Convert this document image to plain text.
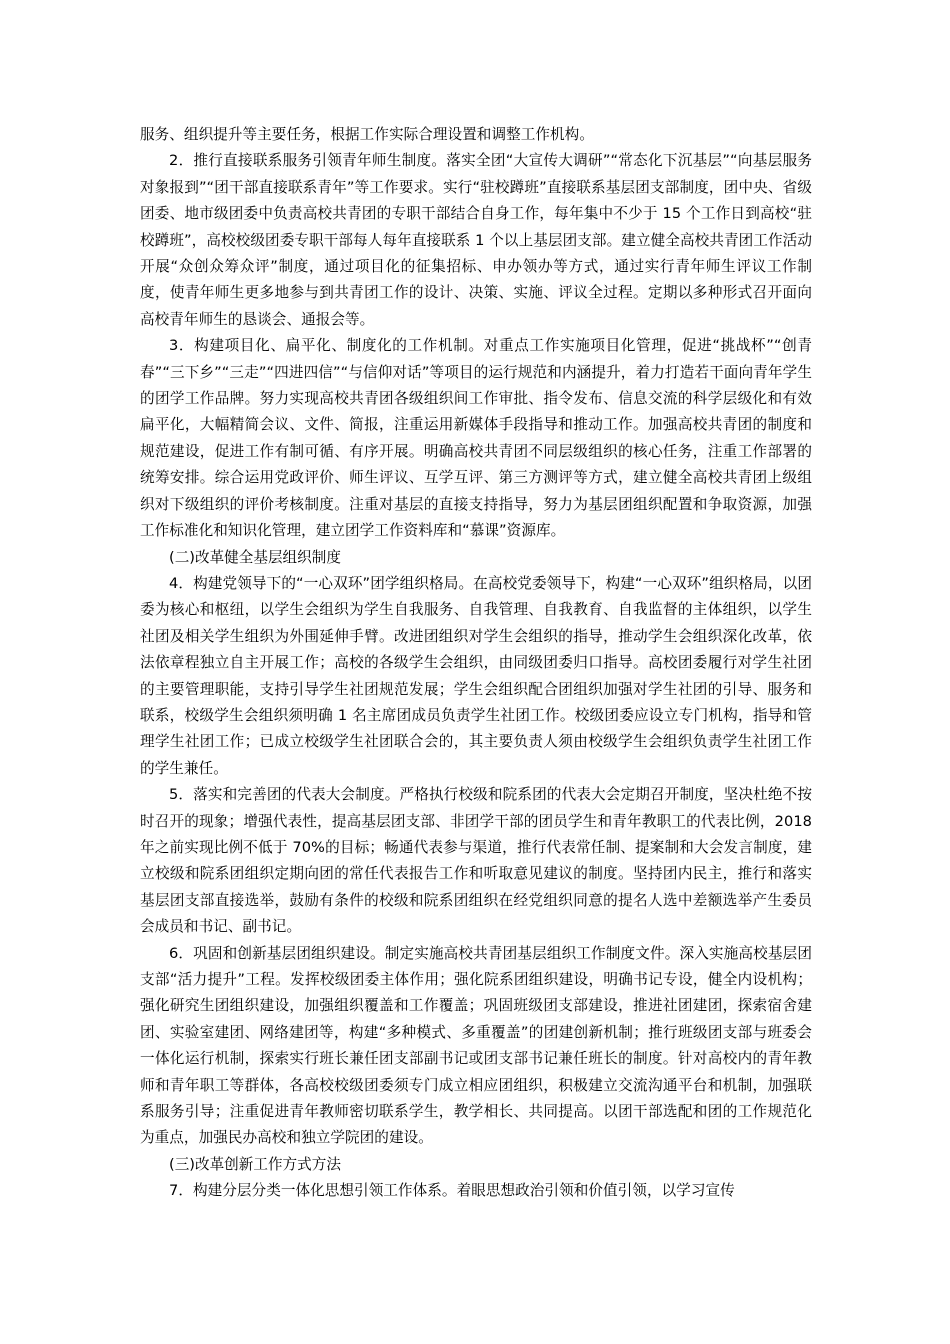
服务、组织提升等主要任务，根据工作实际合理设置和调整工作机构。

2．推行直接联系服务引领青年师生制度。落实全团“大宣传大调研”“常态化下沉基层”“向基层服务对象报到”“团干部直接联系青年”等工作要求。实行“驻校蹲班”直接联系基层团支部制度，团中央、省级团委、地市级团委中负责高校共青团的专职干部结合自身工作，每年集中不少于 15 个工作日到高校“驻校蹲班”，高校校级团委专职干部每人每年直接联系 1 个以上基层团支部。建立健全高校共青团工作活动开展“众创众筹众评”制度，通过项目化的征集招标、申办领办等方式，通过实行青年师生评议工作制度，使青年师生更多地参与到共青团工作的设计、决策、实施、评议全过程。定期以多种形式召开面向高校青年师生的恳谈会、通报会等。

3．构建项目化、扁平化、制度化的工作机制。对重点工作实施项目化管理，促进“挑战杯”“创青春”“三下乡”“三走”“四进四信”“与信仰对话”等项目的运行规范和内涵提升，着力打造若干面向青年学生的团学工作品牌。努力实现高校共青团各级组织间工作审批、指令发布、信息交流的科学层级化和有效扁平化，大幅精简会议、文件、简报，注重运用新媒体手段指导和推动工作。加强高校共青团的制度和规范建设，促进工作有制可循、有序开展。明确高校共青团不同层级组织的核心任务，注重工作部署的统筹安排。综合运用党政评价、师生评议、互学互评、第三方测评等方式，建立健全高校共青团上级组织对下级组织的评价考核制度。注重对基层的直接支持指导，努力为基层团组织配置和争取资源，加强工作标准化和知识化管理，建立团学工作资料库和“慕课”资源库。

(二)改革健全基层组织制度

4．构建党领导下的“一心双环”团学组织格局。在高校党委领导下，构建“一心双环”组织格局，以团委为核心和枢纽，以学生会组织为学生自我服务、自我管理、自我教育、自我监督的主体组织，以学生社团及相关学生组织为外围延伸手臂。改进团组织对学生会组织的指导，推动学生会组织深化改革，依法依章程独立自主开展工作；高校的各级学生会组织，由同级团委归口指导。高校团委履行对学生社团的主要管理职能，支持引导学生社团规范发展；学生会组织配合团组织加强对学生社团的引导、服务和联系，校级学生会组织须明确 1 名主席团成员负责学生社团工作。校级团委应设立专门机构，指导和管理学生社团工作；已成立校级学生社团联合会的，其主要负责人须由校级学生会组织负责学生社团工作的学生兼任。

5．落实和完善团的代表大会制度。严格执行校级和院系团的代表大会定期召开制度，坚决杜绝不按时召开的现象；增强代表性，提高基层团支部、非团学干部的团员学生和青年教职工的代表比例，2018 年之前实现比例不低于 70%的目标；畅通代表参与渠道，推行代表常任制、提案制和大会发言制度，建立校级和院系团组织定期向团的常任代表报告工作和听取意见建议的制度。坚持团内民主，推行和落实基层团支部直接选举，鼓励有条件的校级和院系团组织在经党组织同意的提名人选中差额选举产生委员会成员和书记、副书记。

6．巩固和创新基层团组织建设。制定实施高校共青团基层组织工作制度文件。深入实施高校基层团支部“活力提升”工程。发挥校级团委主体作用；强化院系团组织建设，明确书记专设，健全内设机构；强化研究生团组织建设，加强组织覆盖和工作覆盖；巩固班级团支部建设，推进社团建团，探索宿舍建团、实验室建团、网络建团等，构建“多种模式、多重覆盖”的团建创新机制；推行班级团支部与班委会一体化运行机制，探索实行班长兼任团支部副书记或团支部书记兼任班长的制度。针对高校内的青年教师和青年职工等群体，各高校校级团委须专门成立相应团组织，积极建立交流沟通平台和机制，加强联系服务引导；注重促进青年教师密切联系学生，教学相长、共同提高。以团干部选配和团的工作规范化为重点，加强民办高校和独立学院团的建设。

(三)改革创新工作方式方法

7．构建分层分类一体化思想引领工作体系。着眼思想政治引领和价值引领，以学习宣传
